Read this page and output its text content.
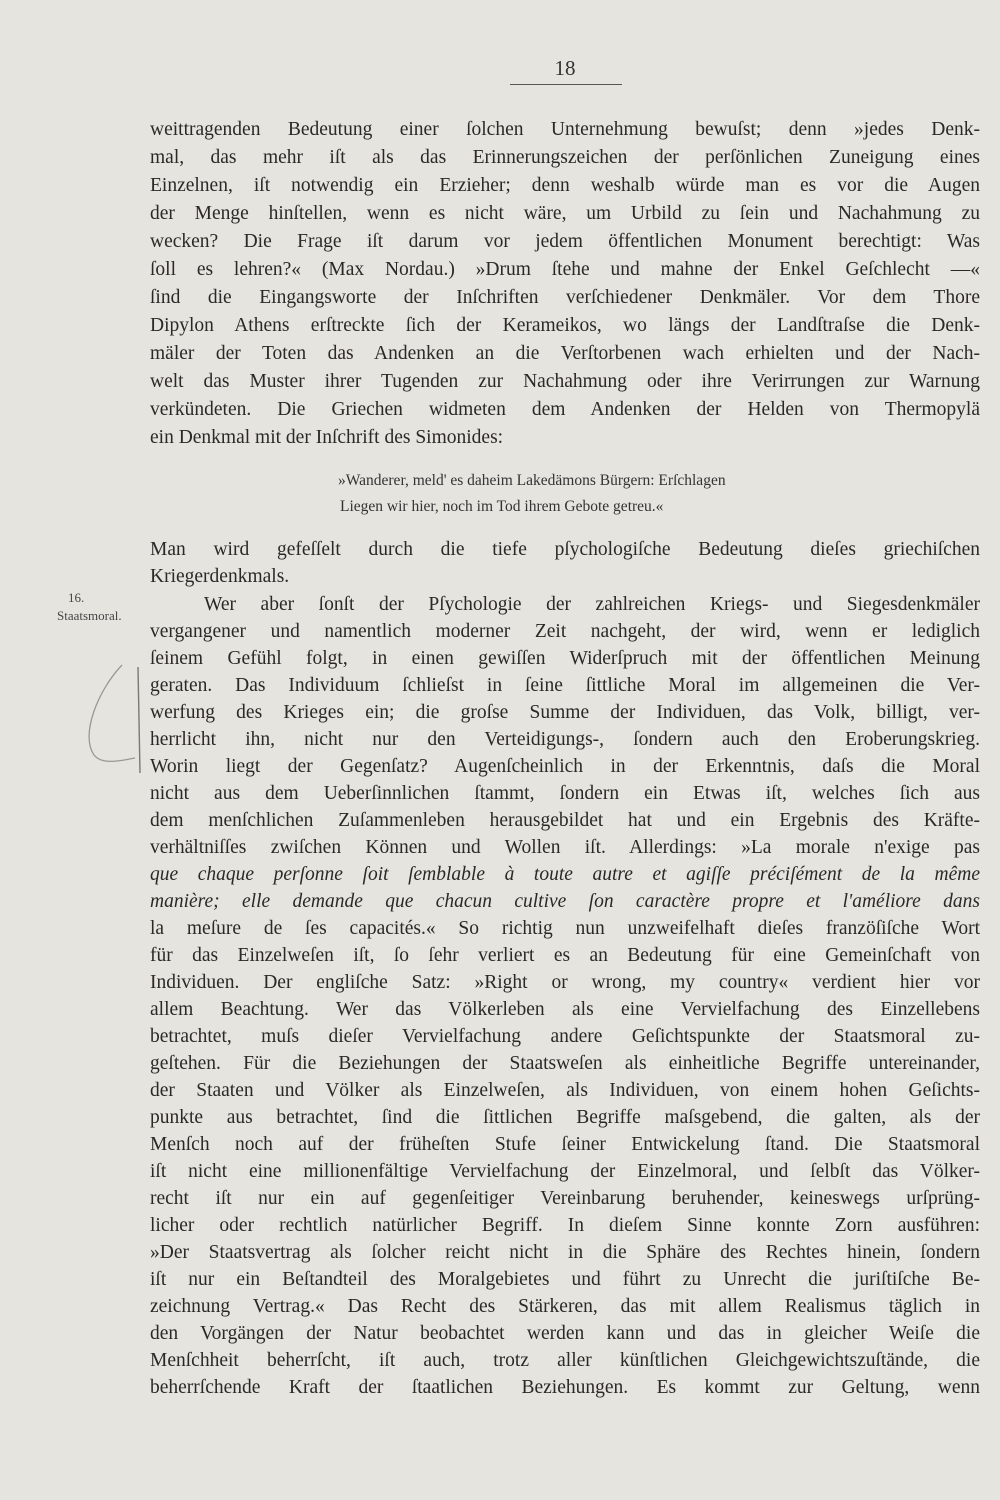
18
weittragenden Bedeutung einer ſolchen Unternehmung bewuſst; denn »jedes Denk-
mal, das mehr iſt als das Erinnerungszeichen der perſönlichen Zuneigung eines
Einzelnen, iſt notwendig ein Erzieher; denn weshalb würde man es vor die Augen
der Menge hinſtellen, wenn es nicht wäre, um Urbild zu ſein und Nachahmung zu
wecken? Die Frage iſt darum vor jedem öffentlichen Monument berechtigt: Was
ſoll es lehren?« (Max Nordau.) »Drum ſtehe und mahne der Enkel Geſchlecht —«
ſind die Eingangsworte der Inſchriften verſchiedener Denkmäler. Vor dem Thore
Dipylon Athens erſtreckte ſich der Kerameikos, wo längs der Landſtraſse die Denk-
mäler der Toten das Andenken an die Verſtorbenen wach erhielten und der Nach-
welt das Muster ihrer Tugenden zur Nachahmung oder ihre Verirrungen zur Warnung
verkündeten. Die Griechen widmeten dem Andenken der Helden von Thermopylä
ein Denkmal mit der Inſchrift des Simonides:
»Wanderer, meld' es daheim Lakedämons Bürgern: Erſchlagen
Liegen wir hier, noch im Tod ihrem Gebote getreu.«
Man wird gefeſſelt durch die tiefe pſychologiſche Bedeutung dieſes griechiſchen
Kriegerdenkmals.
16.
Staatsmoral.
Wer aber ſonſt der Pſychologie der zahlreichen Kriegs- und Siegesdenkmäler
vergangener und namentlich moderner Zeit nachgeht, der wird, wenn er lediglich
ſeinem Gefühl folgt, in einen gewiſſen Widerſpruch mit der öffentlichen Meinung
geraten. Das Individuum ſchlieſst in ſeine ſittliche Moral im allgemeinen die Ver-
werfung des Krieges ein; die groſse Summe der Individuen, das Volk, billigt, ver-
herrlicht ihn, nicht nur den Verteidigungs-, ſondern auch den Eroberungskrieg.
Worin liegt der Gegenſatz? Augenſcheinlich in der Erkenntnis, daſs die Moral
nicht aus dem Ueberſinnlichen ſtammt, ſondern ein Etwas iſt, welches ſich aus
dem menſchlichen Zuſammenleben herausgebildet hat und ein Ergebnis des Kräfte-
verhältniſſes zwiſchen Können und Wollen iſt. Allerdings: »La morale n'exige pas
que chaque perſonne ſoit ſemblable à toute autre et agiſſe préciſément de la même
manière; elle demande que chacun cultive ſon caractère propre et l'améliore dans
la meſure de ſes capacités.« So richtig nun unzweifelhaft dieſes franzöſiſche Wort
für das Einzelweſen iſt, ſo ſehr verliert es an Bedeutung für eine Gemeinſchaft von
Individuen. Der engliſche Satz: »Right or wrong, my country« verdient hier vor
allem Beachtung. Wer das Völkerleben als eine Vervielfachung des Einzellebens
betrachtet, muſs dieſer Vervielfachung andere Geſichtspunkte der Staatsmoral zu-
geſtehen. Für die Beziehungen der Staatsweſen als einheitliche Begriffe untereinander,
der Staaten und Völker als Einzelweſen, als Individuen, von einem hohen Geſichts-
punkte aus betrachtet, ſind die ſittlichen Begriffe maſsgebend, die galten, als der
Menſch noch auf der früheſten Stufe ſeiner Entwickelung ſtand. Die Staatsmoral
iſt nicht eine millionenfältige Vervielfachung der Einzelmoral, und ſelbſt das Völker-
recht iſt nur ein auf gegenſeitiger Vereinbarung beruhender, keineswegs urſprüng-
licher oder rechtlich natürlicher Begriff. In dieſem Sinne konnte Zorn ausführen:
»Der Staatsvertrag als ſolcher reicht nicht in die Sphäre des Rechtes hinein, ſondern
iſt nur ein Beſtandteil des Moralgebietes und führt zu Unrecht die juriſtiſche Be-
zeichnung Vertrag.« Das Recht des Stärkeren, das mit allem Realismus täglich in
den Vorgängen der Natur beobachtet werden kann und das in gleicher Weiſe die
Menſchheit beherrſcht, iſt auch, trotz aller künſtlichen Gleichgewichtszuſtände, die
beherrſchende Kraft der ſtaatlichen Beziehungen. Es kommt zur Geltung, wenn
